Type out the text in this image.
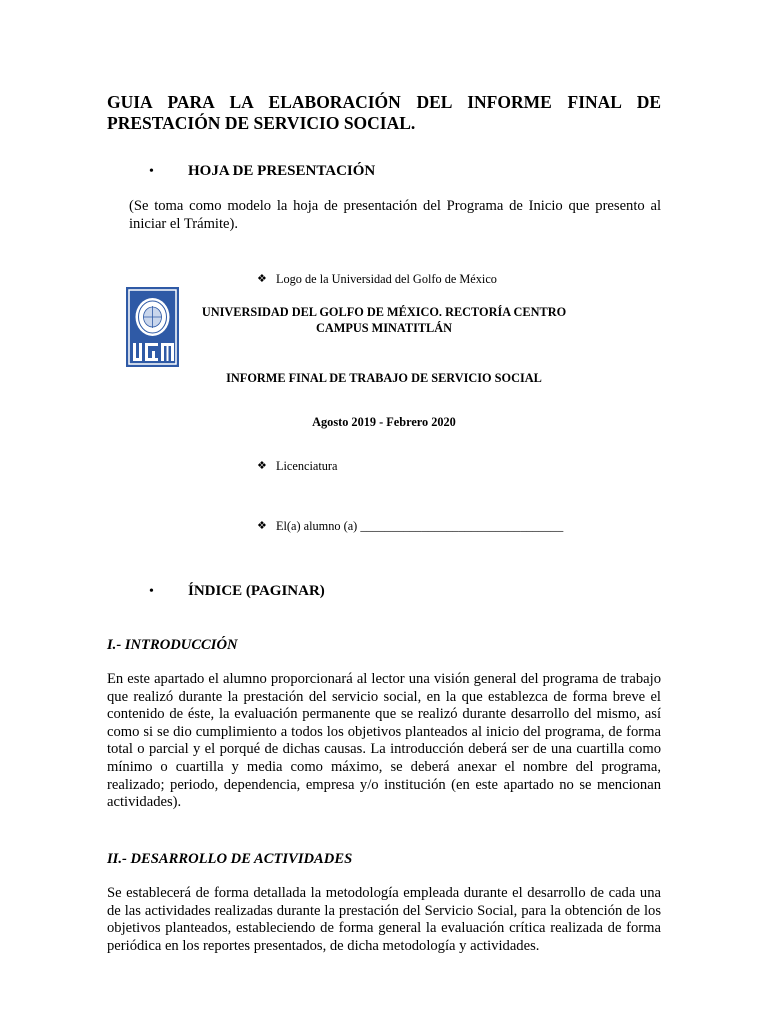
GUIA PARA LA ELABORACIÓN DEL INFORME FINAL DE
PRESTACIÓN DE SERVICIO SOCIAL.
• HOJA DE PRESENTACIÓN
(Se toma como modelo la hoja de presentación del Programa de Inicio que presento al iniciar el Trámite).
❖ Logo de la Universidad del Golfo de México
UNIVERSIDAD DEL GOLFO DE MÉXICO. RECTORÍA CENTRO
CAMPUS MINATITLÁN
INFORME FINAL DE TRABAJO DE SERVICIO SOCIAL
Agosto 2019 - Febrero 2020
❖ Licenciatura
❖ El(a) alumno (a) _________________________________
• ÍNDICE (PAGINAR)
I.- INTRODUCCIÓN
En este apartado el alumno proporcionará al lector una visión general del programa de trabajo que realizó durante la prestación del servicio social, en la que establezca de forma breve el contenido de éste, la evaluación permanente que se realizó durante desarrollo del mismo, así como si se dio cumplimiento a todos los objetivos planteados al inicio del programa, de forma total o parcial y el porqué de dichas causas. La introducción deberá ser de una cuartilla como mínimo o cuartilla y media como máximo, se deberá anexar el nombre del programa, realizado; periodo, dependencia, empresa y/o institución (en este apartado no se mencionan actividades).
II.- DESARROLLO DE ACTIVIDADES
Se establecerá de forma detallada la metodología empleada durante el desarrollo de cada una de las actividades realizadas durante la prestación del Servicio Social, para la obtención de los objetivos planteados, estableciendo de forma general la evaluación crítica realizada de forma periódica en los reportes presentados, de dicha metodología y actividades.
